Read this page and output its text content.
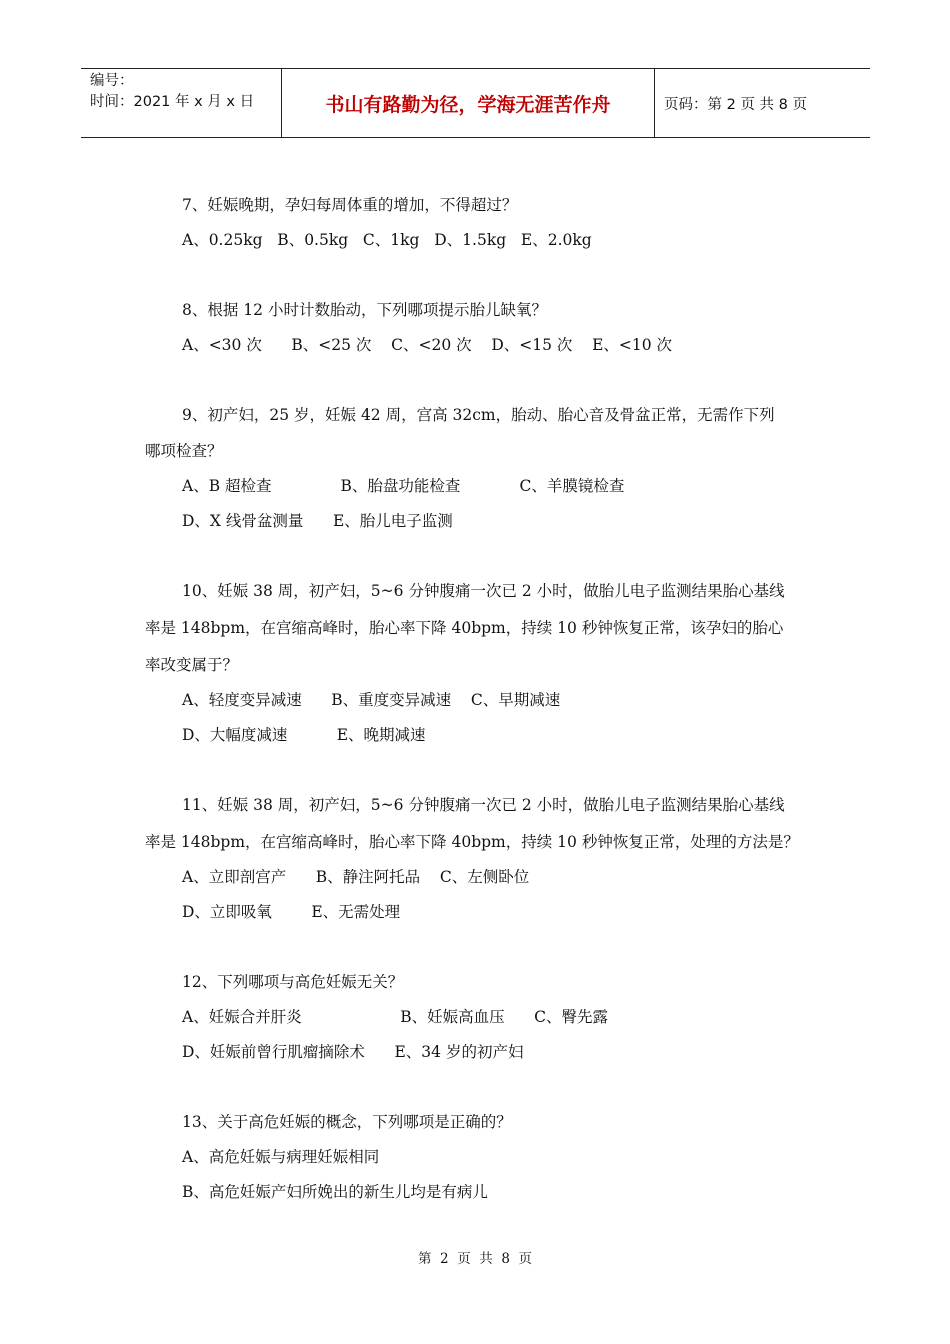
编号：
时间：2021 年 x 月 x 日	书山有路勤为径，学海无涯苦作舟	页码：第 2 页 共 8 页
7、妊娠晚期，孕妇每周体重的增加，不得超过？
A、0.25kg   B、0.5kg   C、1kg   D、1.5kg   E、2.0kg
8、根据 12 小时计数胎动，下列哪项提示胎儿缺氧？
A、<30 次      B、<25 次    C、<20 次    D、<15 次    E、<10 次
9、初产妇，25 岁，妊娠 42 周，宫高 32cm，胎动、胎心音及骨盆正常，无需作下列
哪项检查？
A、B 超检查              B、胎盘功能检查            C、羊膜镜检查
D、X 线骨盆测量      E、胎儿电子监测
10、妊娠 38 周，初产妇，5~6 分钟腹痛一次已 2 小时，做胎儿电子监测结果胎心基线
率是 148bpm，在宫缩高峰时，胎心率下降 40bpm，持续 10 秒钟恢复正常，该孕妇的胎心
率改变属于？
A、轻度变异减速      B、重度变异减速    C、早期减速
D、大幅度减速          E、晚期减速
11、妊娠 38 周，初产妇，5~6 分钟腹痛一次已 2 小时，做胎儿电子监测结果胎心基线
率是 148bpm，在宫缩高峰时，胎心率下降 40bpm，持续 10 秒钟恢复正常，处理的方法是？
A、立即剖宫产      B、静注阿托品    C、左侧卧位
D、立即吸氧        E、无需处理
12、下列哪项与高危妊娠无关？
A、妊娠合并肝炎                    B、妊娠高血压      C、臀先露
D、妊娠前曾行肌瘤摘除术      E、34 岁的初产妇
13、关于高危妊娠的概念，下列哪项是正确的？
A、高危妊娠与病理妊娠相同
B、高危妊娠产妇所娩出的新生儿均是有病儿
第  2  页  共  8  页
